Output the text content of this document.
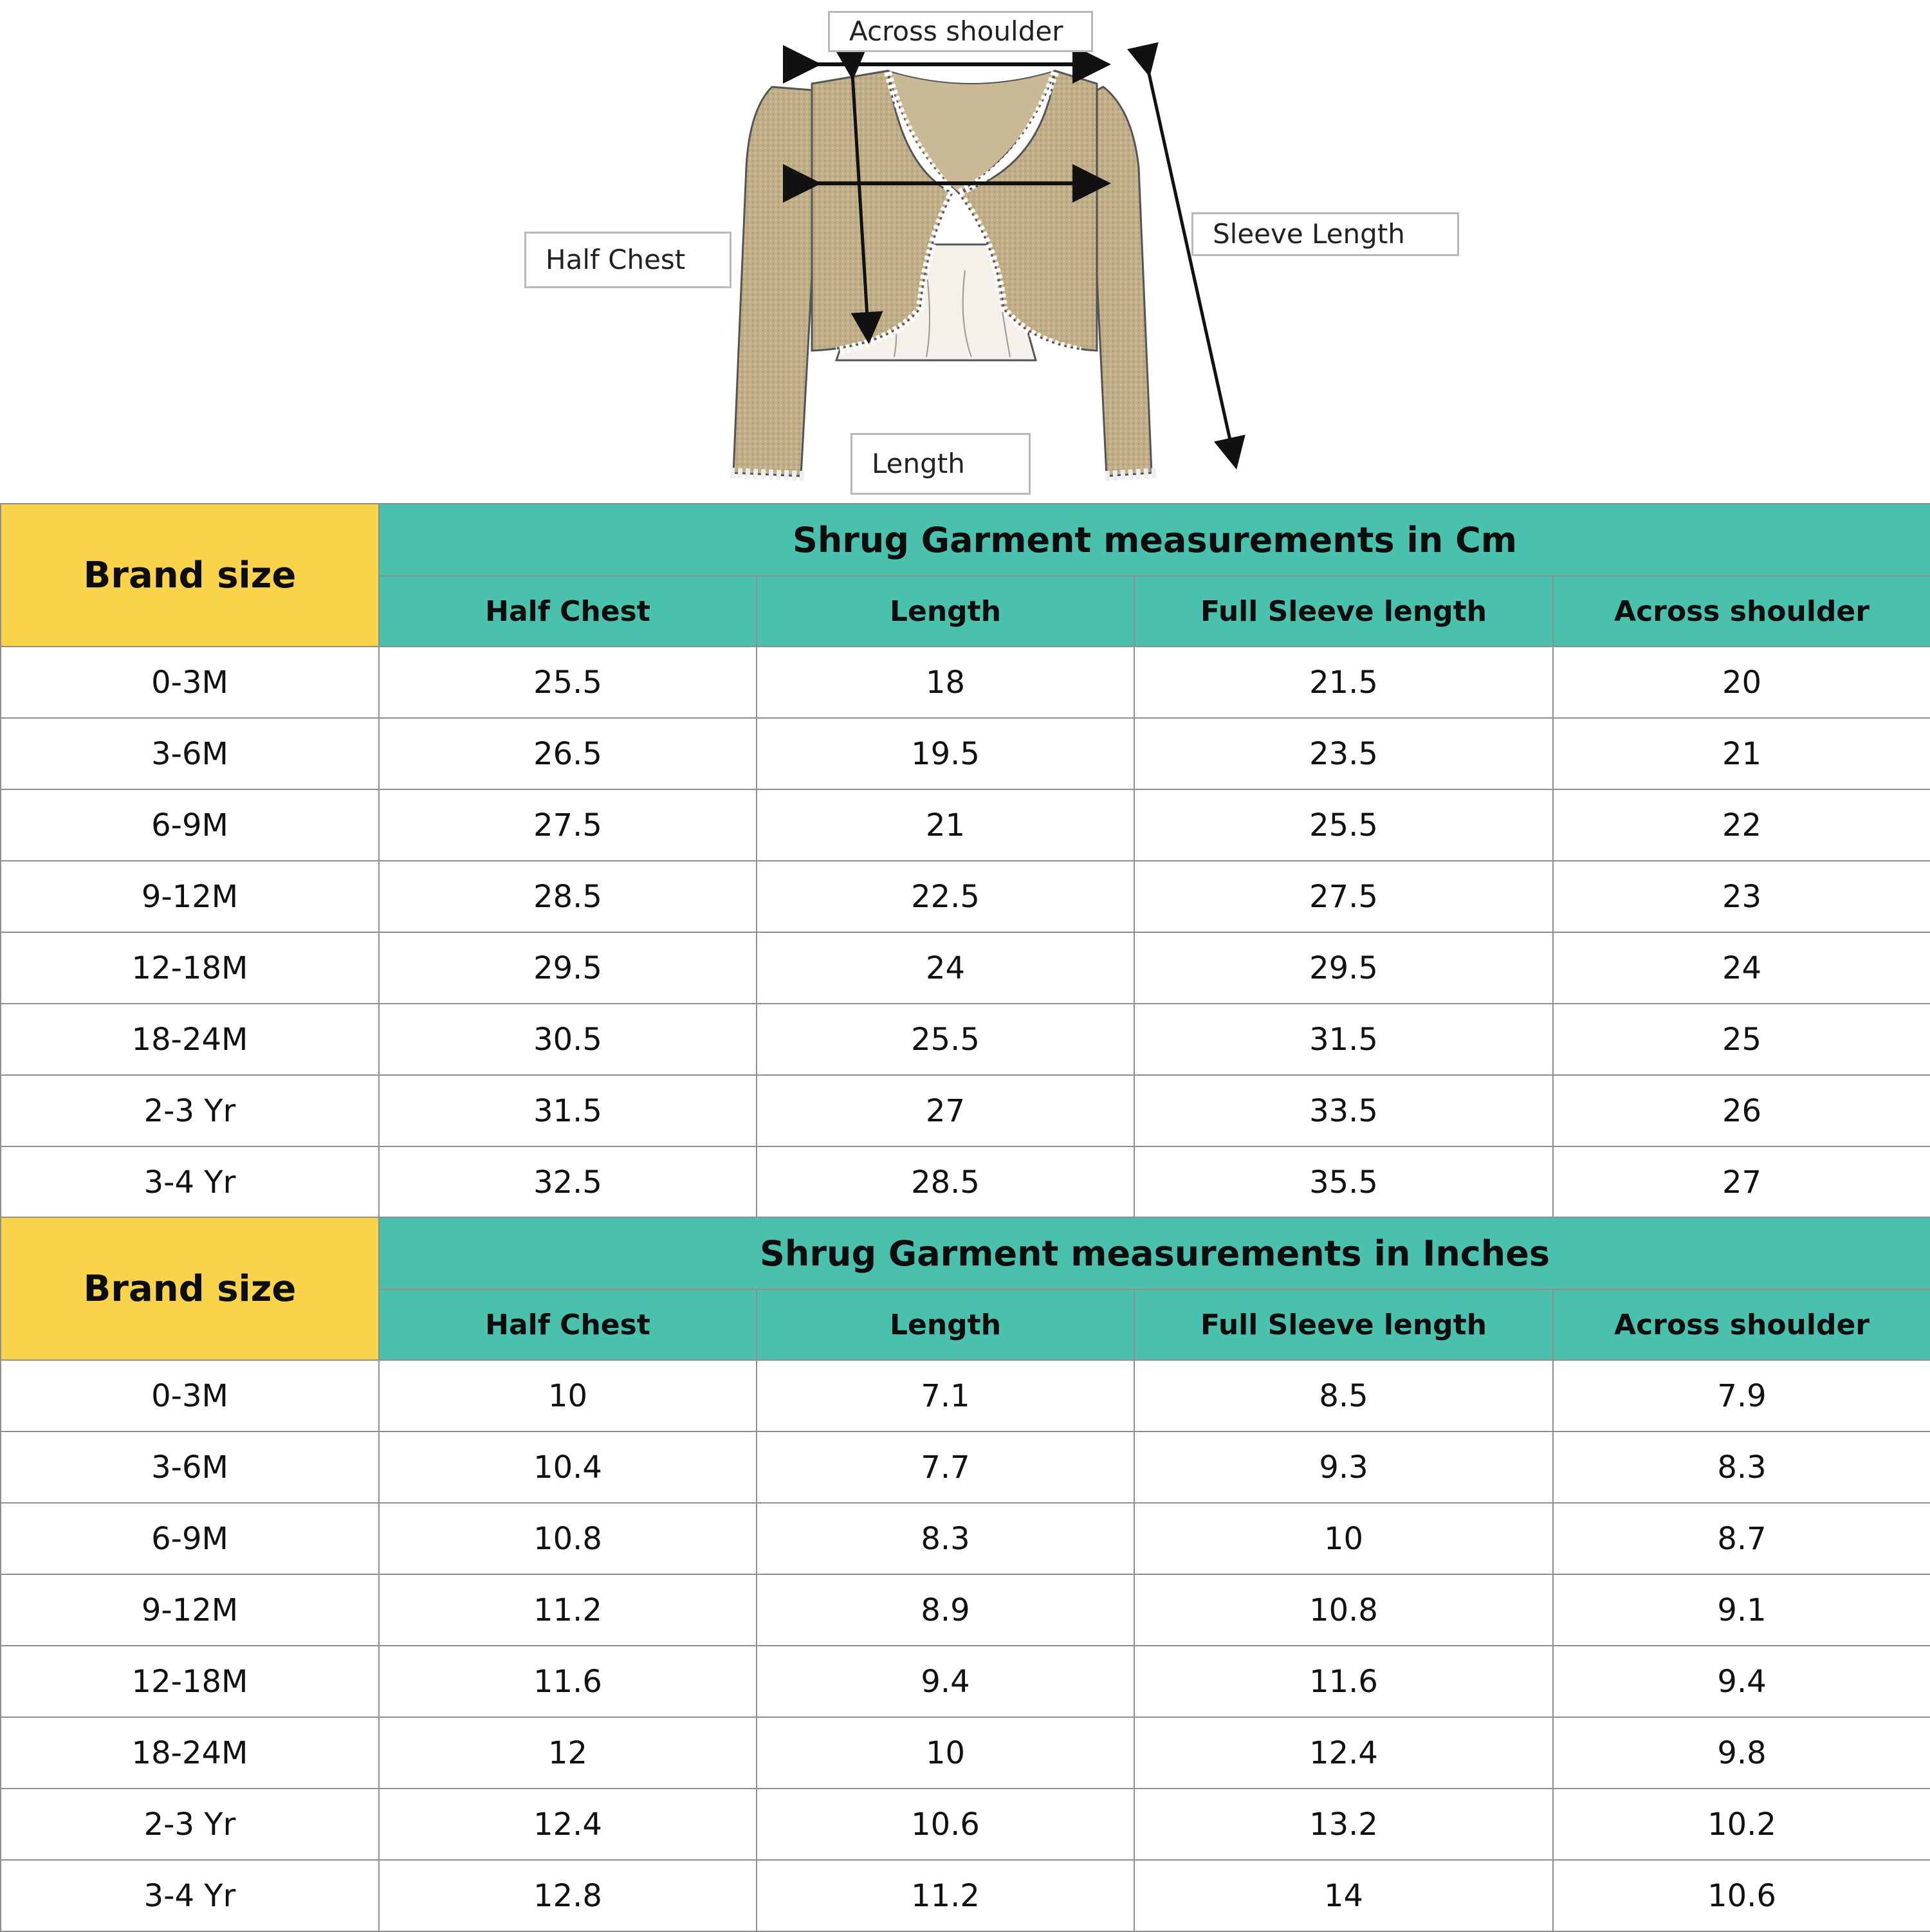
Across shoulder
Half Chest
Sleeve Length
Length
Brand size	Shrug Garment measurements in Cm			
	Half Chest	Length	Full Sleeve length	Across shoulder
0-3M	25.5	18	21.5	20
3-6M	26.5	19.5	23.5	21
6-9M	27.5	21	25.5	22
9-12M	28.5	22.5	27.5	23
12-18M	29.5	24	29.5	24
18-24M	30.5	25.5	31.5	25
2-3 Yr	31.5	27	33.5	26
3-4 Yr	32.5	28.5	35.5	27
Brand size	Shrug Garment measurements in Inches			
	Half Chest	Length	Full Sleeve length	Across shoulder
0-3M	10	7.1	8.5	7.9
3-6M	10.4	7.7	9.3	8.3
6-9M	10.8	8.3	10	8.7
9-12M	11.2	8.9	10.8	9.1
12-18M	11.6	9.4	11.6	9.4
18-24M	12	10	12.4	9.8
2-3 Yr	12.4	10.6	13.2	10.2
3-4 Yr	12.8	11.2	14	10.6
